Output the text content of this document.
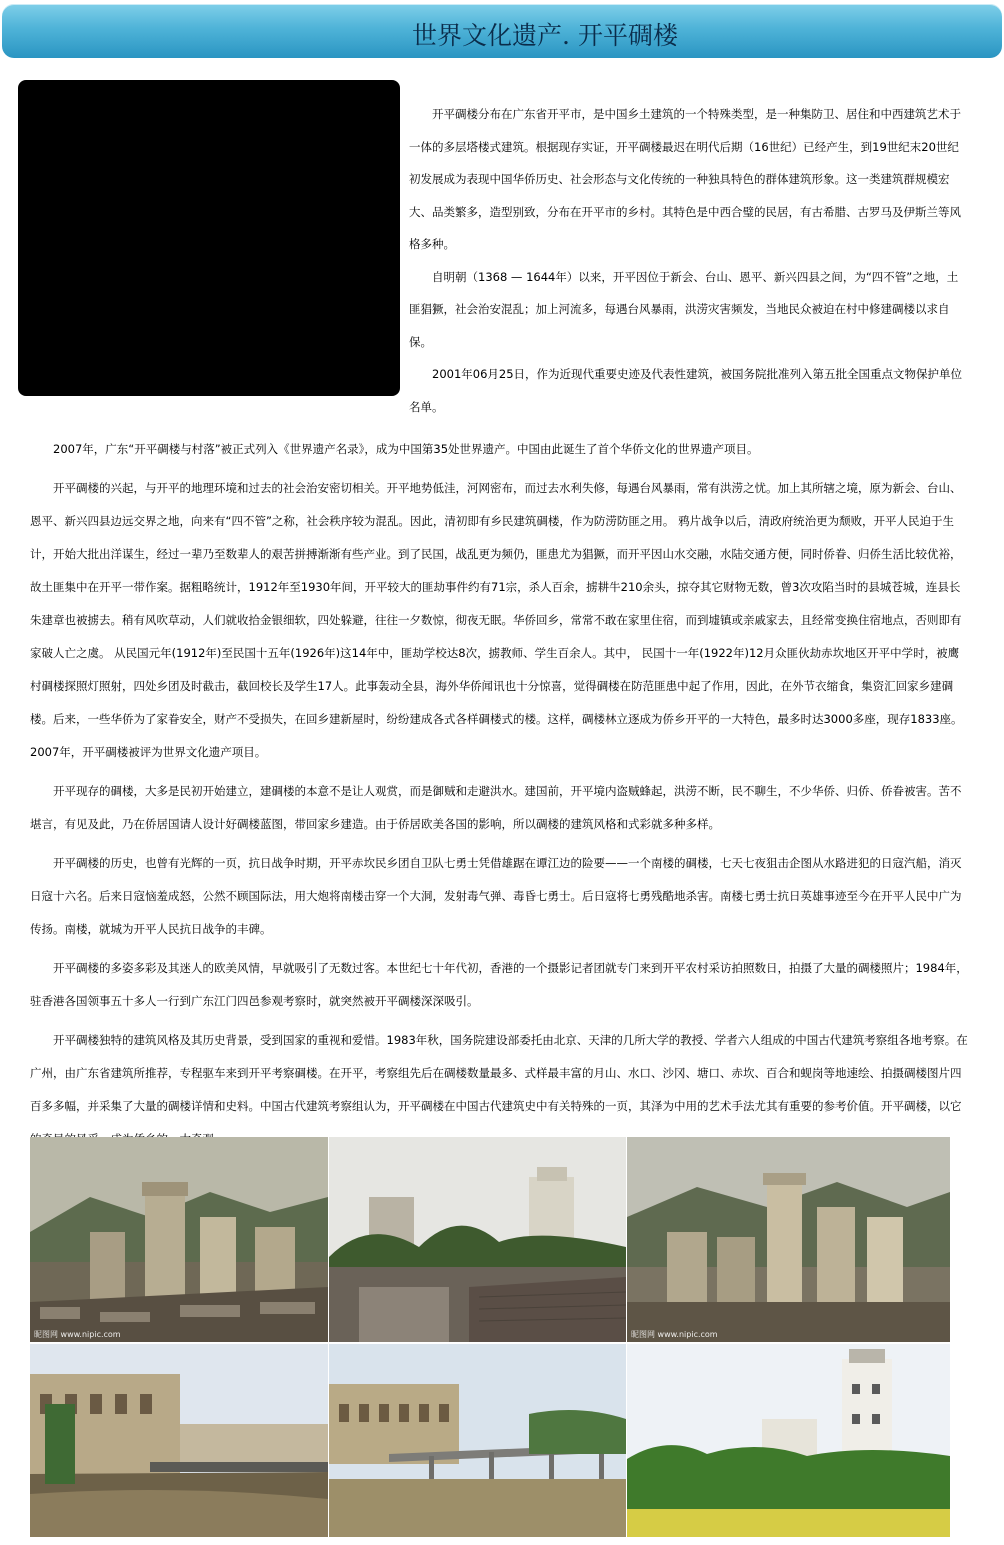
世界文化遗产. 开平碉楼

开平碉楼分布在广东省开平市，是中国乡土建筑的一个特殊类型，是一种集防卫、居住和中西建筑艺术于一体的多层塔楼式建筑。根据现存实证，开平碉楼最迟在明代后期（16世纪）已经产生，到19世纪末20世纪初发展成为表现中国华侨历史、社会形态与文化传统的一种独具特色的群体建筑形象。这一类建筑群规模宏大、品类繁多，造型别致，分布在开平市的乡村。其特色是中西合璧的民居，有古希腊、古罗马及伊斯兰等风格多种。

自明朝（1368 — 1644年）以来，开平因位于新会、台山、恩平、新兴四县之间，为“四不管”之地，土匪猖獗，社会治安混乱；加上河流多，每遇台风暴雨，洪涝灾害频发，当地民众被迫在村中修建碉楼以求自保。

2001年06月25日，作为近现代重要史迹及代表性建筑，被国务院批准列入第五批全国重点文物保护单位名单。

2007年，广东“开平碉楼与村落”被正式列入《世界遗产名录》，成为中国第35处世界遗产。中国由此诞生了首个华侨文化的世界遗产项目。

开平碉楼的兴起，与开平的地理环境和过去的社会治安密切相关。开平地势低洼，河网密布，而过去水利失修，每遇台风暴雨，常有洪涝之忧。加上其所辖之境，原为新会、台山、恩平、新兴四县边远交界之地，向来有“四不管”之称，社会秩序较为混乱。因此，清初即有乡民建筑碉楼，作为防涝防匪之用。 鸦片战争以后，清政府统治更为颓败，开平人民迫于生计，开始大批出洋谋生，经过一辈乃至数辈人的艰苦拼搏渐渐有些产业。到了民国，战乱更为频仍，匪患尤为猖獗，而开平因山水交融，水陆交通方便，同时侨眷、归侨生活比较优裕，故土匪集中在开平一带作案。据粗略统计，1912年至1930年间，开平较大的匪劫事件约有71宗，杀人百余，掳耕牛210余头，掠夺其它财物无数，曾3次攻陷当时的县城苍城，连县长朱建章也被掳去。稍有风吹草动，人们就收拾金银细软，四处躲避，往往一夕数惊，彻夜无眠。华侨回乡，常常不敢在家里住宿，而到墟镇或亲戚家去，且经常变换住宿地点，否则即有家破人亡之虞。 从民国元年(1912年)至民国十五年(1926年)这14年中，匪劫学校达8次，掳教师、学生百余人。其中， 民国十一年(1922年)12月众匪伙劫赤坎地区开平中学时，被鹰村碉楼探照灯照射，四处乡团及时截击，截回校长及学生17人。此事轰动全县，海外华侨闻讯也十分惊喜，觉得碉楼在防范匪患中起了作用，因此，在外节衣缩食，集资汇回家乡建碉楼。后来，一些华侨为了家眷安全，财产不受损失，在回乡建新屋时，纷纷建成各式各样碉楼式的楼。这样，碉楼林立逐成为侨乡开平的一大特色，最多时达3000多座，现存1833座。2007年，开平碉楼被评为世界文化遗产项目。

开平现存的碉楼，大多是民初开始建立，建碉楼的本意不是让人观赏，而是御贼和走避洪水。建国前，开平境内盗贼蜂起，洪涝不断，民不聊生，不少华侨、归侨、侨眷被害。苦不堪言，有见及此，乃在侨居国请人设计好碉楼蓝图，带回家乡建造。由于侨居欧美各国的影响，所以碉楼的建筑风格和式彩就多种多样。

开平碉楼的历史，也曾有光辉的一页，抗日战争时期，开平赤坎民乡团自卫队七勇士凭借雄踞在谭江边的险要——一个南楼的碉楼，七天七夜狙击企图从水路进犯的日寇汽船，消灭日寇十六名。后来日寇恼羞成怒，公然不顾国际法，用大炮将南楼击穿一个大洞，发射毒气弹、毒昏七勇士。后日寇将七勇残酷地杀害。南楼七勇士抗日英雄事迹至今在开平人民中广为传扬。南楼，就城为开平人民抗日战争的丰碑。

开平碉楼的多姿多彩及其迷人的欧美风情，早就吸引了无数过客。本世纪七十年代初，香港的一个摄影记者团就专门来到开平农村采访拍照数日，拍摄了大量的碉楼照片；1984年，驻香港各国领事五十多人一行到广东江门四邑参观考察时，就突然被开平碉楼深深吸引。

开平碉楼独特的建筑风格及其历史背景，受到国家的重视和爱惜。1983年秋，国务院建设部委托由北京、天津的几所大学的教授、学者六人组成的中国古代建筑考察组各地考察。在广州，由广东省建筑所推荐，专程驱车来到开平考察碉楼。在开平，考察组先后在碉楼数量最多、式样最丰富的月山、水口、沙冈、塘口、赤坎、百合和蚬岗等地速绘、拍摄碉楼图片四百多多幅，并采集了大量的碉楼详情和史料。中国古代建筑考察组认为，开平碉楼在中国古代建筑史中有关特殊的一页，其泽为中用的艺术手法尤其有重要的参考价值。开平碉楼，以它

昵图网 www.nipic.com	昵图网 www.nipic.com
